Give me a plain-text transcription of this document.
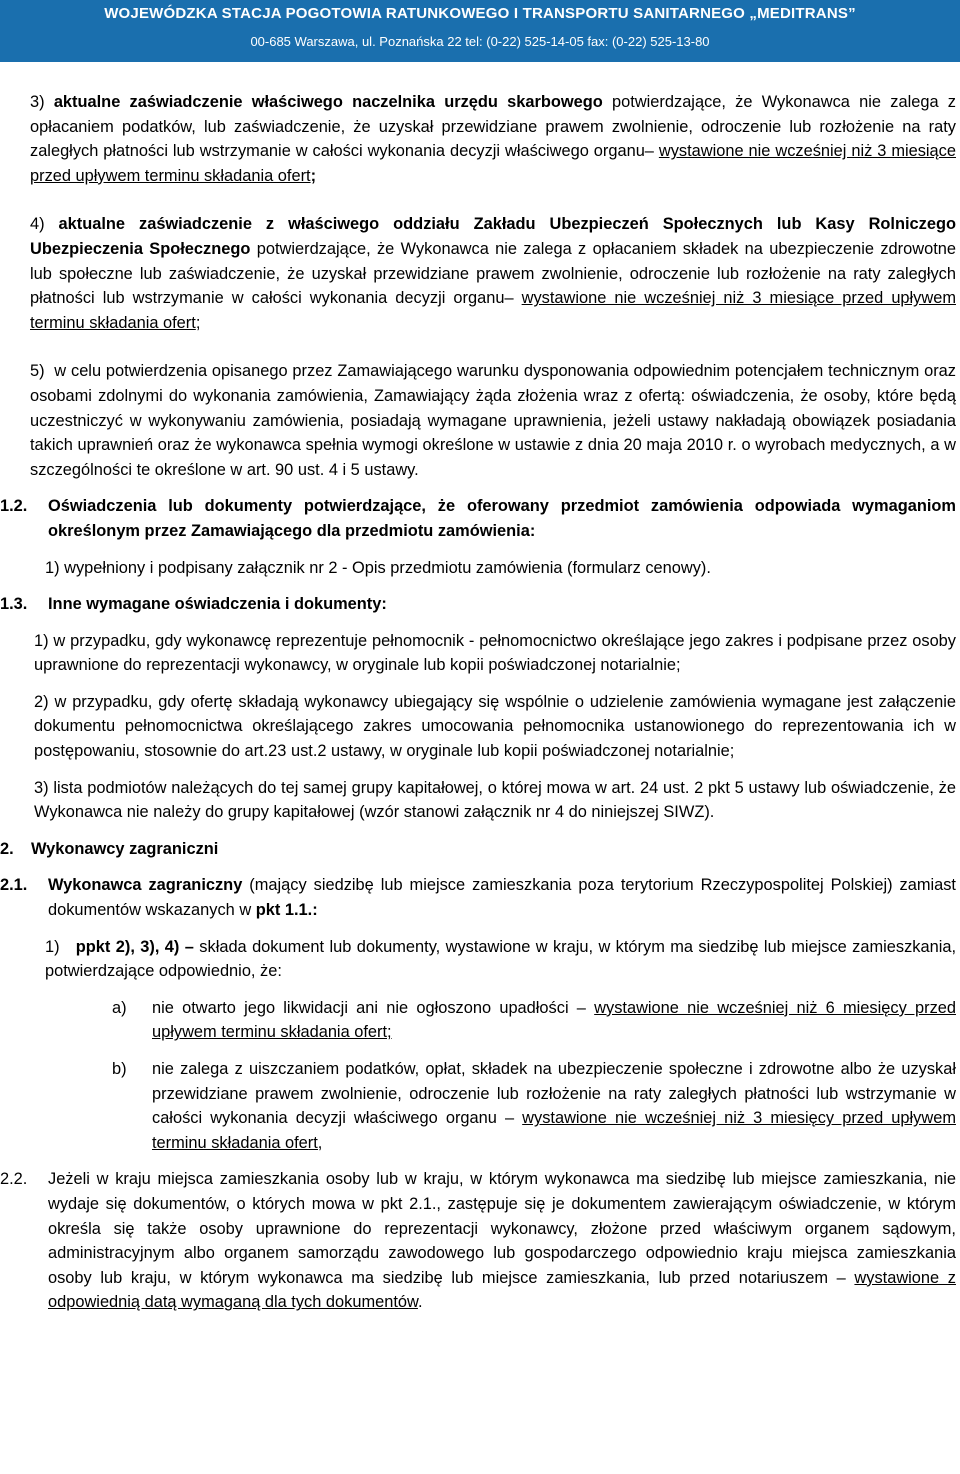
WOJEWÓDZKA STACJA POGOTOWIA RATUNKOWEGO I TRANSPORTU SANITARNEGO „MEDITRANS”
00-685 Warszawa, ul. Poznańska 22 tel: (0-22) 525-14-05 fax: (0-22) 525-13-80

3) aktualne zaświadczenie właściwego naczelnika urzędu skarbowego potwierdzające, że Wykonawca nie zalega z opłacaniem podatków, lub zaświadczenie, że uzyskał przewidziane prawem zwolnienie, odroczenie lub rozłożenie na raty zaległych płatności lub wstrzymanie w całości wykonania decyzji właściwego organu– wystawione nie wcześniej niż 3 miesiące przed upływem terminu składania ofert;

4) aktualne zaświadczenie z właściwego oddziału Zakładu Ubezpieczeń Społecznych lub Kasy Rolniczego Ubezpieczenia Społecznego potwierdzające, że Wykonawca nie zalega z opłacaniem składek na ubezpieczenie zdrowotne lub społeczne lub zaświadczenie, że uzyskał przewidziane prawem zwolnienie, odroczenie lub rozłożenie na raty zaległych płatności lub wstrzymanie w całości wykonania decyzji organu– wystawione nie wcześniej niż 3 miesiące przed upływem terminu składania ofert;

5) w celu potwierdzenia opisanego przez Zamawiającego warunku dysponowania odpowiednim potencjałem technicznym oraz osobami zdolnymi do wykonania zamówienia, Zamawiający żąda złożenia wraz z ofertą: oświadczenia, że osoby, które będą uczestniczyć w wykonywaniu zamówienia, posiadają wymagane uprawnienia, jeżeli ustawy nakładają obowiązek posiadania takich uprawnień oraz że wykonawca spełnia wymogi określone w ustawie z dnia 20 maja 2010 r. o wyrobach medycznych, a w szczególności te określone w art. 90 ust. 4 i 5 ustawy.

1.2.	Oświadczenia lub dokumenty potwierdzające, że oferowany przedmiot zamówienia odpowiada wymaganiom określonym przez Zamawiającego dla przedmiotu zamówienia:

1) wypełniony i podpisany załącznik nr 2 - Opis przedmiotu zamówienia (formularz cenowy).

1.3.	Inne wymagane oświadczenia i dokumenty:

1) w przypadku, gdy wykonawcę reprezentuje pełnomocnik - pełnomocnictwo określające jego zakres i podpisane przez osoby uprawnione do reprezentacji wykonawcy, w oryginale lub kopii poświadczonej notarialnie;

2) w przypadku, gdy ofertę składają wykonawcy ubiegający się wspólnie o udzielenie zamówienia wymagane jest załączenie dokumentu pełnomocnictwa określającego zakres umocowania pełnomocnika ustanowionego do reprezentowania ich w postępowaniu, stosownie do art.23 ust.2 ustawy, w oryginale lub kopii poświadczonej notarialnie;

3) lista podmiotów należących do tej samej grupy kapitałowej, o której mowa w art. 24 ust. 2 pkt 5 ustawy lub oświadczenie, że Wykonawca nie należy do grupy kapitałowej (wzór stanowi załącznik nr 4 do niniejszej SIWZ).

2.	Wykonawcy zagraniczni
2.1.	Wykonawca zagraniczny (mający siedzibę lub miejsce zamieszkania poza terytorium Rzeczypospolitej Polskiej) zamiast dokumentów wskazanych w pkt 1.1.:

1) ppkt 2), 3), 4) – składa dokument lub dokumenty, wystawione w kraju, w którym ma siedzibę lub miejsce zamieszkania, potwierdzające odpowiednio, że:

a)	nie otwarto jego likwidacji ani nie ogłoszono upadłości – wystawione nie wcześniej niż 6 miesięcy przed upływem terminu składania ofert;
b)	nie zalega z uiszczaniem podatków, opłat, składek na ubezpieczenie społeczne i zdrowotne albo że uzyskał przewidziane prawem zwolnienie, odroczenie lub rozłożenie na raty zaległych płatności lub wstrzymanie w całości wykonania decyzji właściwego organu – wystawione nie wcześniej niż 3 miesięcy przed upływem terminu składania ofert,
2.2.	Jeżeli w kraju miejsca zamieszkania osoby lub w kraju, w którym wykonawca ma siedzibę lub miejsce zamieszkania, nie wydaje się dokumentów, o których mowa w pkt 2.1., zastępuje się je dokumentem zawierającym oświadczenie, w którym określa się także osoby uprawnione do reprezentacji wykonawcy, złożone przed właściwym organem sądowym, administracyjnym albo organem samorządu zawodowego lub gospodarczego odpowiednio kraju miejsca zamieszkania osoby lub kraju, w którym wykonawca ma siedzibę lub miejsce zamieszkania, lub przed notariuszem – wystawione z odpowiednią datą wymaganą dla tych dokumentów.
